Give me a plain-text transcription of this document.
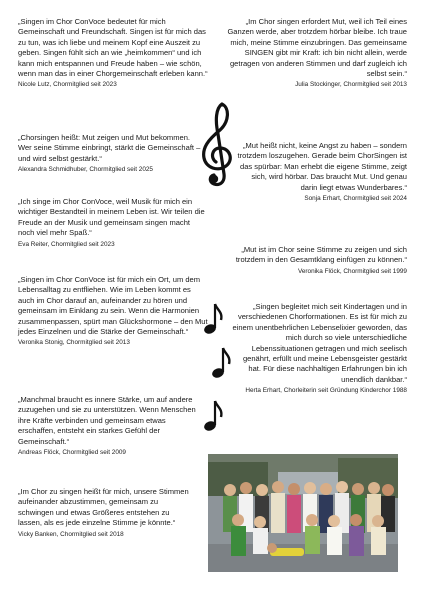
„Singen im Chor ConVoce bedeutet für mich Gemeinschaft und Freundschaft. Singen ist für mich das zu tun, was ich liebe und meinem Kopf eine Auszeit zu geben. Singen fühlt sich an wie „heimkommen“ und ich kann mich entspannen und Freude haben – wie schön, wenn man das in einer Chorgemeinschaft erleben kann.“
Nicole Lutz, Chormitglied seit 2023
„Im Chor singen erfordert Mut, weil ich Teil eines Ganzen werde, aber trotzdem hörbar bleibe. Ich traue mich, meine Stimme einzubringen. Das gemeinsame SINGEN gibt mir Kraft: ich bin nicht allein, werde getragen von anderen Stimmen und darf zugleich ich selbst sein.“
Julia Stockinger, Chormitglied seit 2013
„Chorsingen heißt: Mut zeigen und Mut bekommen. Wer seine Stimme einbringt, stärkt die Gemeinschaft – und wird selbst gestärkt.“
Alexandra Schmidhuber, Chormitglied seit 2025
„Mut heißt nicht, keine Angst zu haben – sondern trotzdem loszugehen. Gerade beim ChorSingen ist das spürbar: Man erhebt die eigene Stimme, zeigt sich, wird hörbar. Das braucht Mut. Und genau darin liegt etwas Wunderbares.“
Sonja Erhart, Chormitglied seit 2024
„Ich singe im Chor ConVoce, weil Musik für mich ein wichtiger Bestandteil in meinem Leben ist. Wir teilen die Freude an der Musik und gemeinsam singen macht noch viel mehr Spaß.“
Eva Reiter, Chormitglied seit 2023
„Mut ist im Chor seine Stimme zu zeigen und sich trotzdem in den Gesamtklang einfügen zu können.“
Veronika Flöck, Chormitglied seit 1999
„Singen im Chor ConVoce ist für mich ein Ort, um dem Lebensalltag zu entfliehen. Wie im Leben kommt es auch im Chor darauf an, aufeinander zu hören und gemeinsam im Einklang zu sein. Wenn die Harmonien zusammenpassen, spürt man Glückshormone – den Mut jedes Einzelnen und die Stärke der Gemeinschaft.“
Veronika Stonig, Chormitglied seit 2013
„Singen begleitet mich seit Kindertagen und in verschiedenen Chorformationen. Es ist für mich zu einem unentbehrlichen Lebenselixier geworden, das mich durch so viele unterschiedliche Lebenssituationen getragen und mich seelisch genährt, erfüllt und meine Lebensgeister gestärkt hat. Für diese nachhaltigen Erfahrungen bin ich unendlich dankbar.“
Herta Erhart, Chorleiterin seit Gründung Kinderchor 1988
„Manchmal braucht es innere Stärke, um auf andere zuzugehen und sie zu unterstützen. Wenn Menschen ihre Kräfte verbinden und gemeinsam etwas erschaffen, entsteht ein starkes Gefühl der Gemeinschaft.“
Andreas Flöck, Chormitglied seit 2009
„Im Chor zu singen heißt für mich, unsere Stimmen aufeinander abzustimmen, gemeinsam zu schwingen und etwas Größeres entstehen zu lassen, als es jede einzelne Stimme je könnte.“
Vicky Banken, Chormitglied seit 2018
